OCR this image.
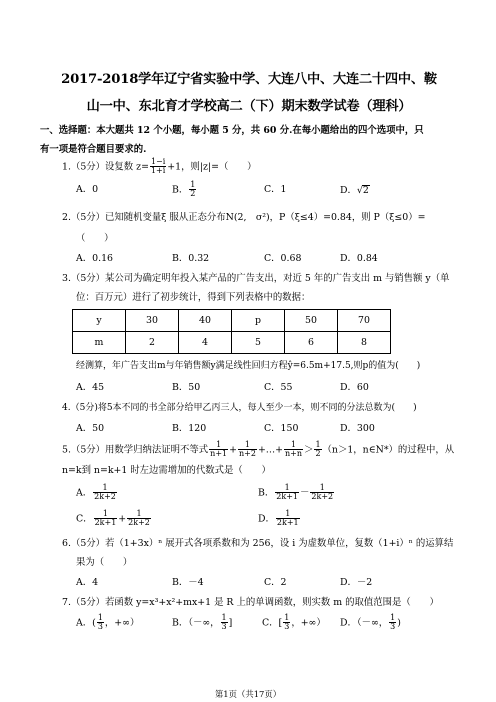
2017-2018学年辽宁省实验中学、大连八中、大连二十四中、鞍
山一中、东北育才学校高二（下）期末数学试卷（理科）
一、选择题：本大题共 12 个小题，每小题 5 分，共 60 分.在每小题给出的四个选项中，只
有一项是符合题目要求的.
1.（5分）设复数 $z= \frac{1-i}{1+i} +1$，则|z|=（　　）
A．0	B． $\frac{1}{2}$	C．1	D．√2
2.（5分）已知随机变量ξ 服从正态分布N(2,　σ²)，P（ξ≤4）=0.84，则 P（ξ≤0）=
（　　）
A．0.16	B．0.32	C．0.68	D．0.84
3.（5分）某公司为确定明年投入某产品的广告支出，对近 5 年的广告支出 m 与销售额 y（单
位：百万元）进行了初步统计，得到下列表格中的数据：
y	30	40	p	50	70
m	2	4	5	6	8
经测算，年广告支出m与年销售额y满足线性回归方程ŷ=6.5m+17.5,则p的值为(　　)
A．45	B．50	C．55	D．60
4.（5分)将5本不同的书全部分给甲乙丙三人，每人至少一本，则不同的分法总数为(　　)
A．50	B．120	C．150	D．300
5.（5分）用数学归纳法证明不等式 $\frac{1}{n+1} + \frac{1}{n+2}$ +…+ $\frac{1}{n+n} > \frac{1}{2} (n>1$，n∈N*）的过程中，从
n=k到 n=k+1 时左边需增加的代数式是（　　）
A． $\frac{1}{2k+2}$	B． $\frac{1}{2k+1} - \frac{1}{2k+2}$
C． $\frac{1}{2k+1} + \frac{1}{2k+2}$	D． $\frac{1}{2k+1}$
6.（5分）若（1+3x）ⁿ 展开式各项系数和为 256，设 i 为虚数单位，复数（1+i）ⁿ 的运算结
果为（　　）
A．4	B．－4	C．2	D．－2
7.（5分）若函数 y=x³+x²+mx+1 是 R 上的单调函数，则实数 m 的取值范围是（　　）
A．( $\frac{1}{3}$ ，+∞）	B．（－∞， $\frac{1}{3}$ ]	C．[ $\frac{1}{3}$ ，+∞） D．（－∞， $\frac{1}{3}$ )
第1页（共17页）
